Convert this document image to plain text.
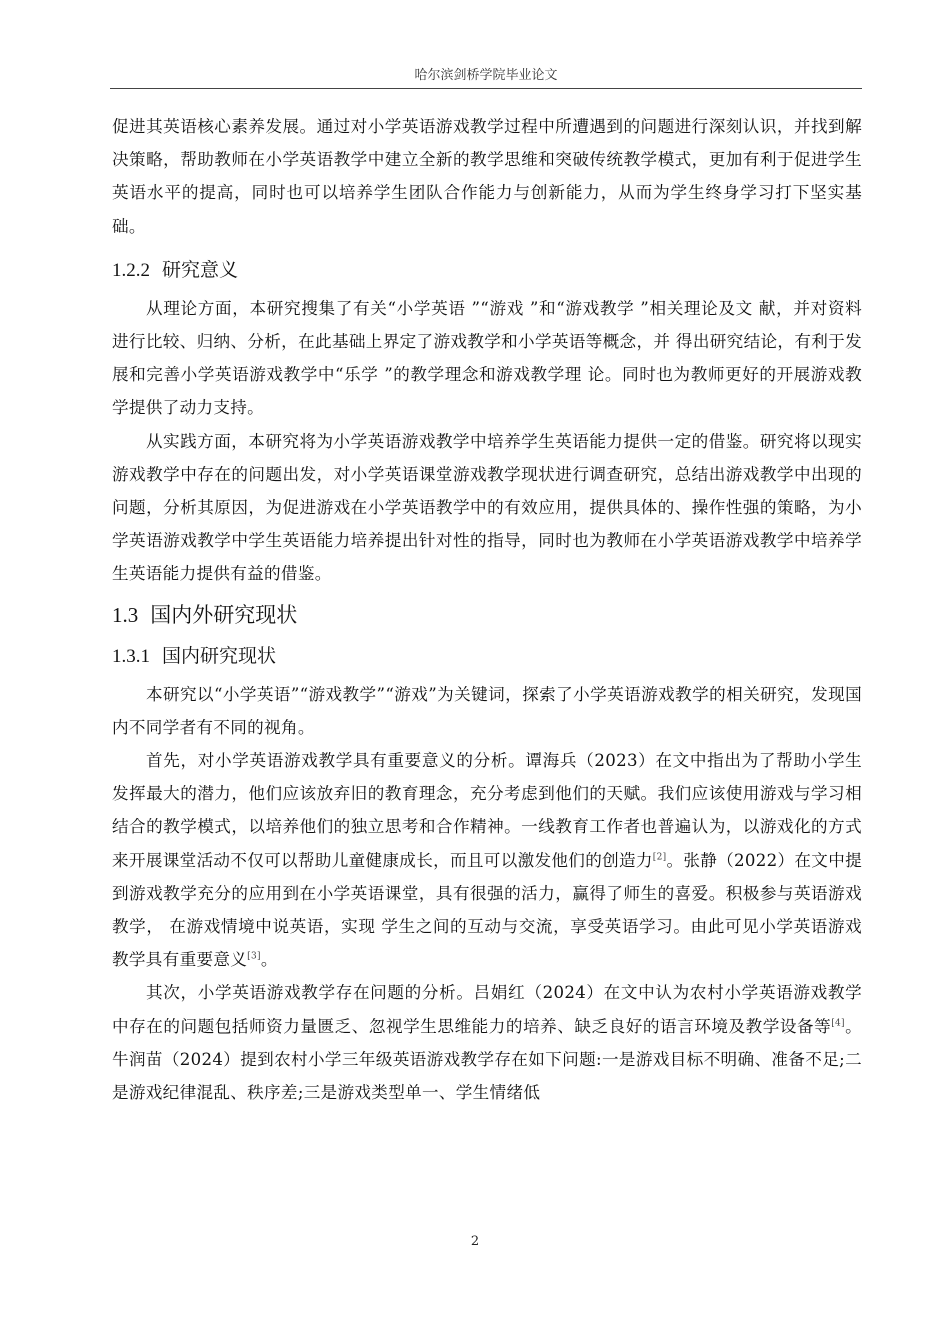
哈尔滨剑桥学院毕业论文

促进其英语核心素养发展。通过对小学英语游戏教学过程中所遭遇到的问题进行深刻认识，并找到解决策略，帮助教师在小学英语教学中建立全新的教学思维和突破传统教学模式，更加有利于促进学生英语水平的提高，同时也可以培养学生团队合作能力与创新能力，从而为学生终身学习打下坚实基础。

1.2.2 研究意义

从理论方面，本研究搜集了有关“小学英语 ”“游戏 ”和“游戏教学 ”相关理论及文 献，并对资料进行比较、归纳、分析，在此基础上界定了游戏教学和小学英语等概念，并 得出研究结论，有利于发展和完善小学英语游戏教学中“乐学 ”的教学理念和游戏教学理 论。同时也为教师更好的开展游戏教学提供了动力支持。

从实践方面，本研究将为小学英语游戏教学中培养学生英语能力提供一定的借鉴。研究将以现实游戏教学中存在的问题出发，对小学英语课堂游戏教学现状进行调查研究，总结出游戏教学中出现的问题，分析其原因，为促进游戏在小学英语教学中的有效应用，提供具体的、操作性强的策略，为小学英语游戏教学中学生英语能力培养提出针对性的指导，同时也为教师在小学英语游戏教学中培养学生英语能力提供有益的借鉴。

1.3 国内外研究现状
1.3.1 国内研究现状

本研究以“小学英语”“游戏教学”“游戏”为关键词，探索了小学英语游戏教学的相关研究，发现国内不同学者有不同的视角。

首先，对小学英语游戏教学具有重要意义的分析。谭海兵（2023）在文中指出为了帮助小学生发挥最大的潜力，他们应该放弃旧的教育理念，充分考虑到他们的天赋。我们应该使用游戏与学习相结合的教学模式，以培养他们的独立思考和合作精神。一线教育工作者也普遍认为，以游戏化的方式来开展课堂活动不仅可以帮助儿童健康成长，而且可以激发他们的创造力[2]。张静（2022）在文中提到游戏教学充分的应用到在小学英语课堂，具有很强的活力，赢得了师生的喜爱。积极参与英语游戏教学， 在游戏情境中说英语，实现 学生之间的互动与交流，享受英语学习。由此可见小学英语游戏教学具有重要意义[3]。

其次，小学英语游戏教学存在问题的分析。吕娟红（2024）在文中认为农村小学英语游戏教学中存在的问题包括师资力量匮乏、忽视学生思维能力的培养、缺乏良好的语言环境及教学设备等[4]。牛润苗（2024）提到农村小学三年级英语游戏教学存在如下问题:一是游戏目标不明确、准备不足;二是游戏纪律混乱、秩序差;三是游戏类型单一、学生情绪低

2
